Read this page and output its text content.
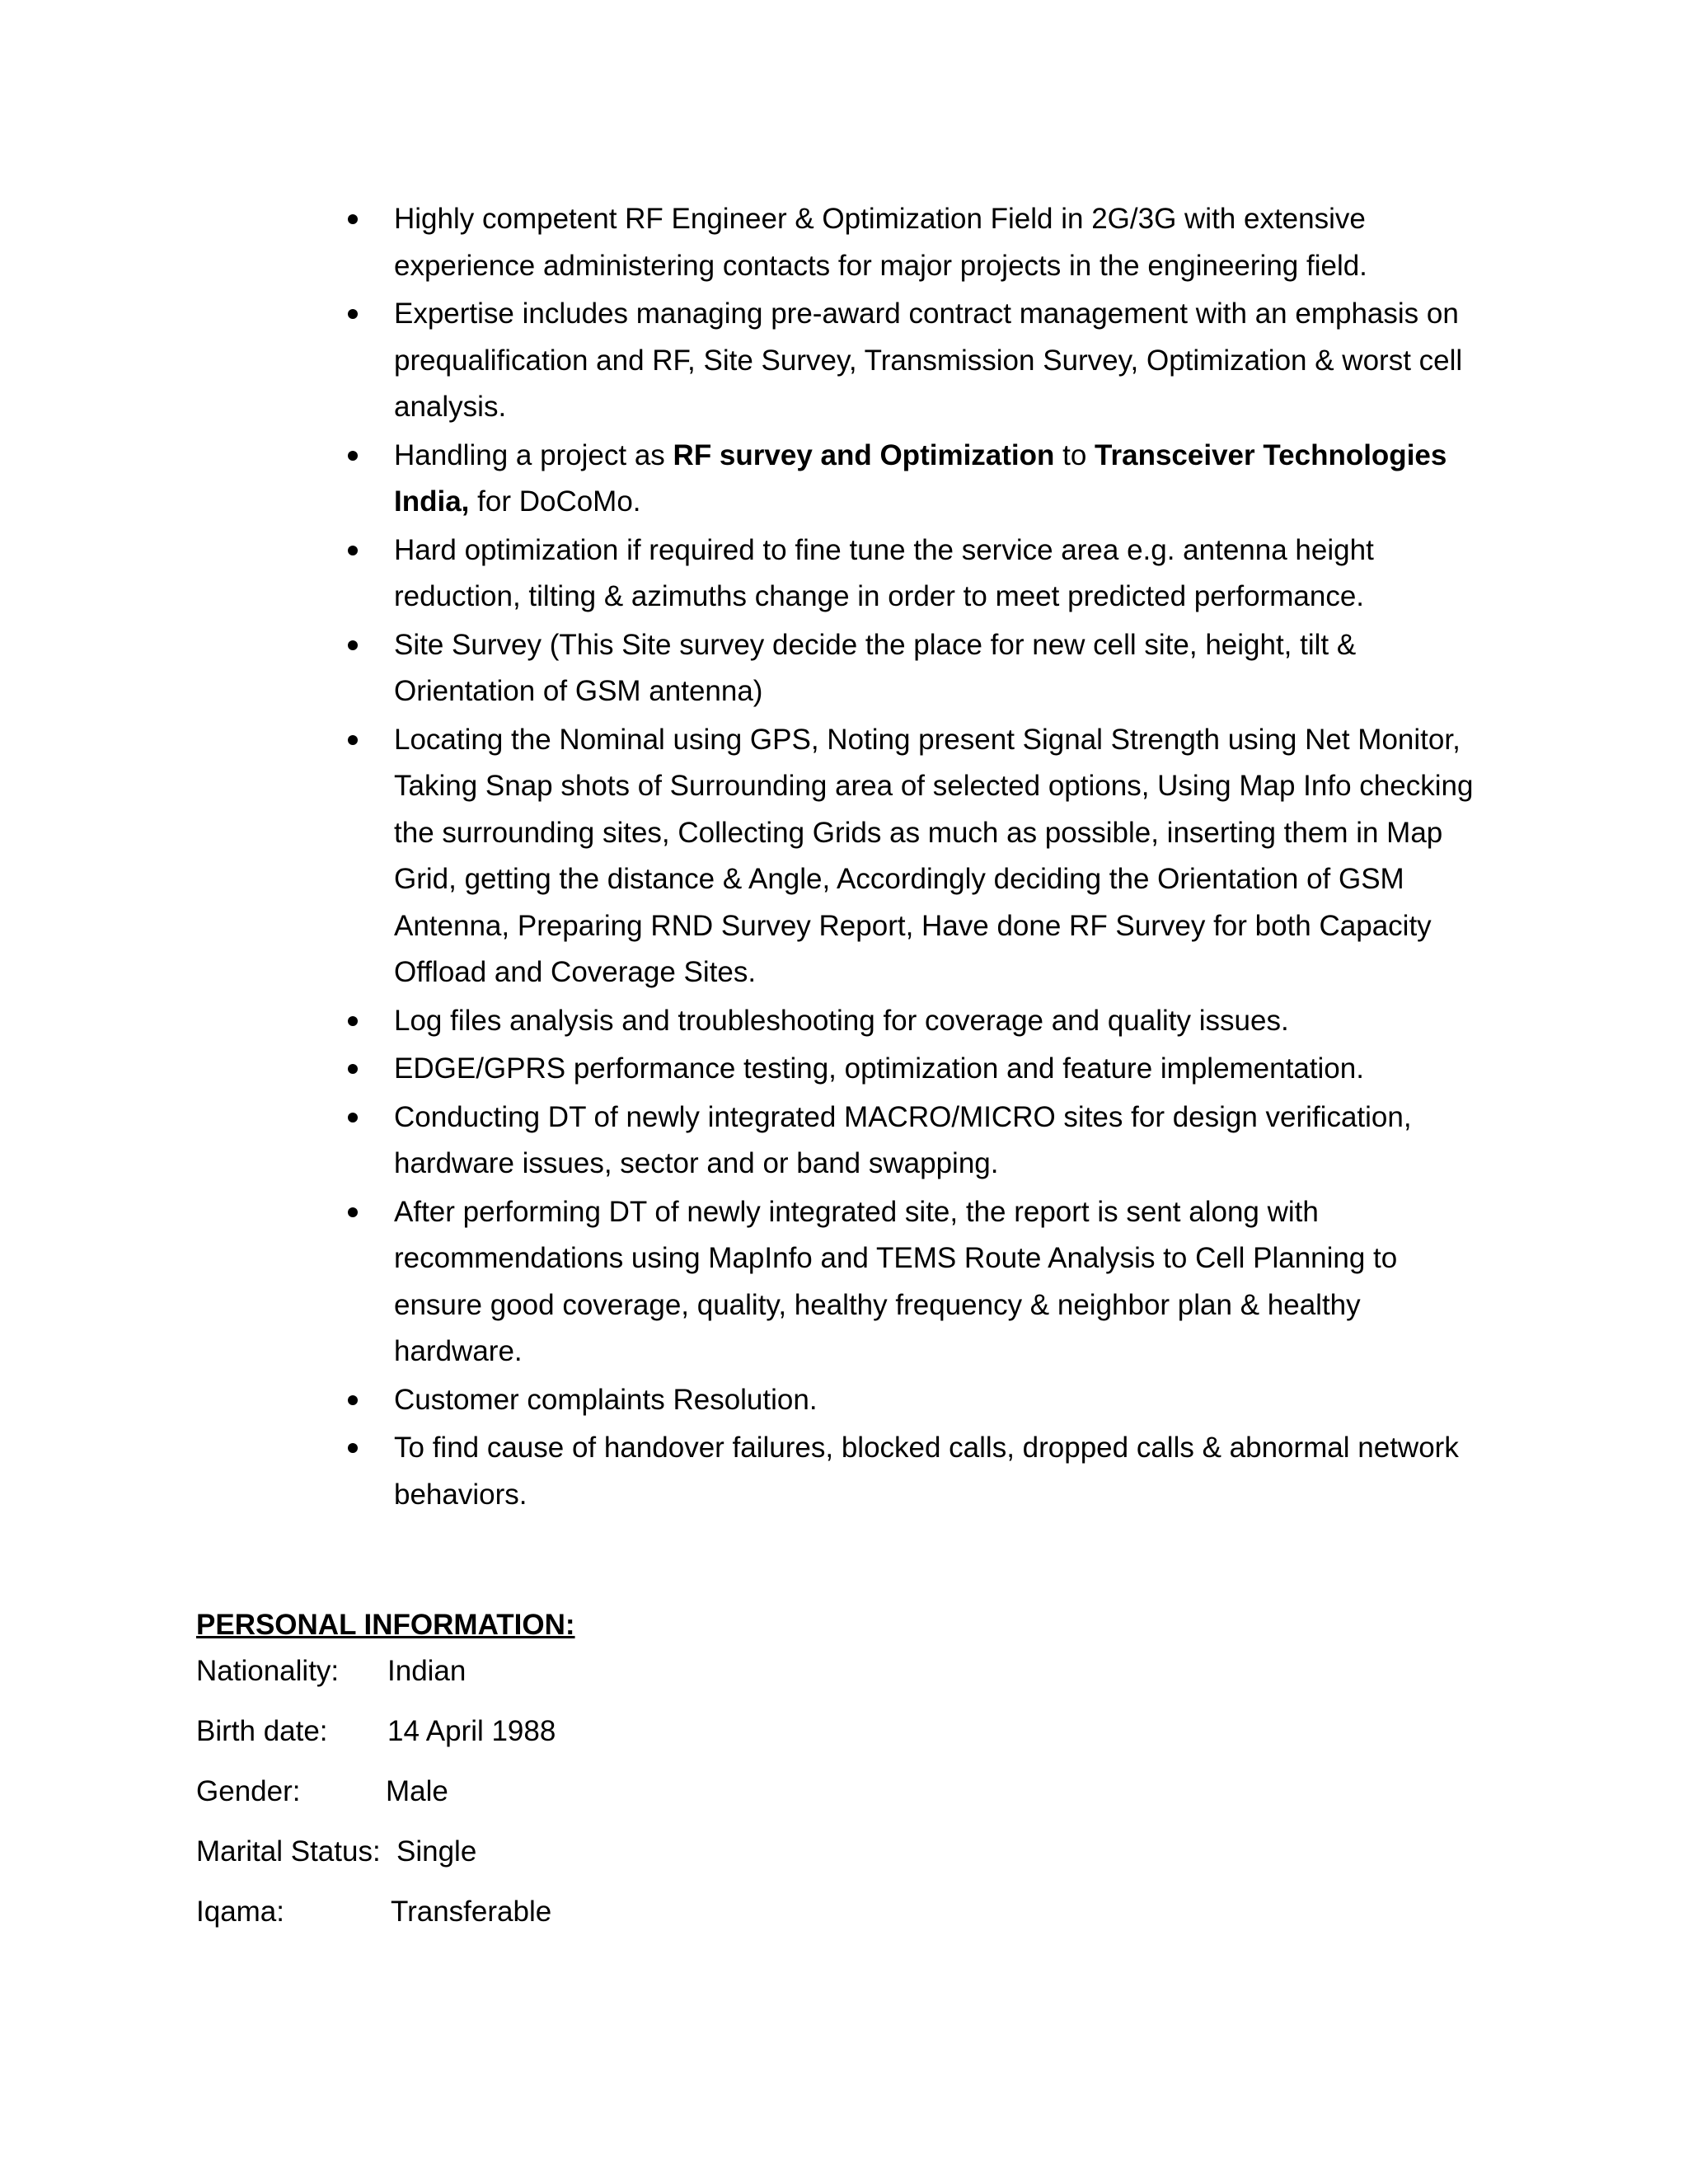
Highly competent RF Engineer & Optimization Field in 2G/3G with extensive experience administering contacts for major projects in the engineering field.
Expertise includes managing pre-award contract management with an emphasis on prequalification and RF, Site Survey, Transmission Survey, Optimization & worst cell analysis.
Handling a project as RF survey and Optimization to Transceiver Technologies India, for DoCoMo.
Hard optimization if required to fine tune the service area e.g. antenna height reduction, tilting & azimuths change in order to meet predicted performance.
Site Survey (This Site survey decide the place for new cell site, height, tilt & Orientation of GSM antenna)
Locating the Nominal using GPS, Noting present Signal Strength using Net Monitor, Taking Snap shots of Surrounding area of selected options, Using Map Info checking the surrounding sites, Collecting Grids as much as possible, inserting them in Map Grid, getting the distance & Angle, Accordingly deciding the Orientation of GSM Antenna, Preparing RND Survey Report, Have done RF Survey for both Capacity Offload and Coverage Sites.
Log files analysis and troubleshooting for coverage and quality issues.
EDGE/GPRS performance testing, optimization and feature implementation.
Conducting DT of newly integrated MACRO/MICRO sites for design verification, hardware issues, sector and or band swapping.
After performing DT of newly integrated site, the report is sent along with recommendations using MapInfo and TEMS Route Analysis to Cell Planning to ensure good coverage, quality, healthy frequency & neighbor plan & healthy hardware.
Customer complaints Resolution.
To find cause of handover failures, blocked calls, dropped calls & abnormal network behaviors.
PERSONAL INFORMATION:
Nationality: Indian
Birth date: 14 April 1988
Gender:	Male
Marital Status: Single
Iqama:	Transferable
